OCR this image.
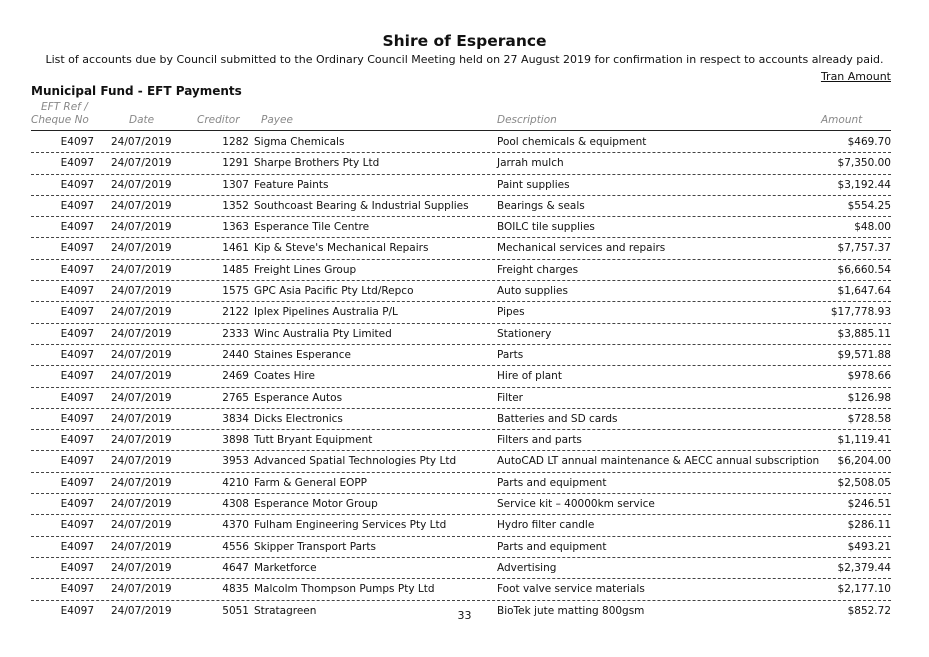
Shire of Esperance
List of accounts due by Council submitted to the Ordinary Council Meeting held on 27 August 2019 for confirmation in respect to accounts already paid.
Tran Amount
Municipal Fund - EFT Payments
EFT Ref /
Cheque No	Date	Creditor Payee	Description	Amount
E4097 24/07/2019	1282 Sigma Chemicals	Pool chemicals & equipment	$469.70
E4097 24/07/2019	1291 Sharpe Brothers Pty Ltd	Jarrah mulch	$7,350.00
E4097 24/07/2019	1307 Feature Paints	Paint supplies	$3,192.44
E4097 24/07/2019	1352 Southcoast Bearing & Industrial Supplies	Bearings & seals	$554.25
E4097 24/07/2019	1363 Esperance Tile Centre	BOILC tile supplies	$48.00
E4097 24/07/2019	1461 Kip & Steve's Mechanical Repairs	Mechanical services and repairs	$7,757.37
E4097 24/07/2019	1485 Freight Lines Group	Freight charges	$6,660.54
E4097 24/07/2019	1575 GPC Asia Pacific Pty Ltd/Repco	Auto supplies	$1,647.64
E4097 24/07/2019	2122 Iplex Pipelines Australia P/L	Pipes	$17,778.93
E4097 24/07/2019	2333 Winc Australia Pty Limited	Stationery	$3,885.11
E4097 24/07/2019	2440 Staines Esperance	Parts	$9,571.88
E4097 24/07/2019	2469 Coates Hire	Hire of plant	$978.66
E4097 24/07/2019	2765 Esperance Autos	Filter	$126.98
E4097 24/07/2019	3834 Dicks Electronics	Batteries and SD cards	$728.58
E4097 24/07/2019	3898 Tutt Bryant Equipment	Filters and parts	$1,119.41
E4097 24/07/2019	3953 Advanced Spatial Technologies Pty Ltd	AutoCAD LT annual maintenance & AECC annual subscription $6,204.00
E4097 24/07/2019	4210 Farm & General EOPP	Parts and equipment	$2,508.05
E4097 24/07/2019	4308 Esperance Motor Group	Service kit – 40000km service	$246.51
E4097 24/07/2019	4370 Fulham Engineering Services Pty Ltd	Hydro filter candle	$286.11
E4097 24/07/2019	4556 Skipper Transport Parts	Parts and equipment	$493.21
E4097 24/07/2019	4647 Marketforce	Advertising	$2,379.44
E4097 24/07/2019	4835 Malcolm Thompson Pumps Pty Ltd	Foot valve service materials	$2,177.10
E4097 24/07/2019	5051 Stratagreen	BioTek jute matting 800gsm	$852.72
33
